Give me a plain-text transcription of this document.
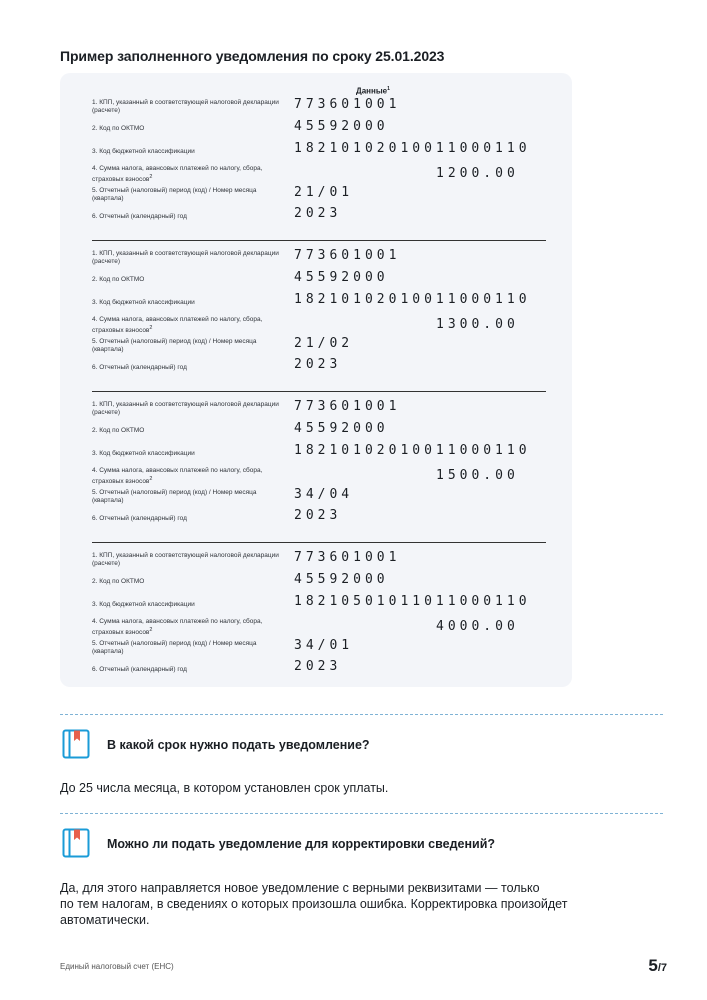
Пример заполненного уведомления по сроку 25.01.2023
Данные$^1$
1. КПП, указанный в соответствующей налоговой декларации (расчете)	773601001
2. Код по ОКТМО	45592000
3. Код бюджетной классификации	18210102010011000110
4. Сумма налога, авансовых платежей по налогу, сбора, страховых взносов$^2$	1200.00
5. Отчетный (налоговый) период (код) / Номер месяца (квартала)	21/01
6. Отчетный (календарный) год	2023
1. КПП, указанный в соответствующей налоговой декларации (расчете)	773601001
2. Код по ОКТМО	45592000
3. Код бюджетной классификации	18210102010011000110
4. Сумма налога, авансовых платежей по налогу, сбора, страховых взносов$^2$	1300.00
5. Отчетный (налоговый) период (код) / Номер месяца (квартала)	21/02
6. Отчетный (календарный) год	2023
1. КПП, указанный в соответствующей налоговой декларации (расчете)	773601001
2. Код по ОКТМО	45592000
3. Код бюджетной классификации	18210102010011000110
4. Сумма налога, авансовых платежей по налогу, сбора, страховых взносов$^2$	1500.00
5. Отчетный (налоговый) период (код) / Номер месяца (квартала)	34/04
6. Отчетный (календарный) год	2023
1. КПП, указанный в соответствующей налоговой декларации (расчете)	773601001
2. Код по ОКТМО	45592000
3. Код бюджетной классификации	18210501011011000110
4. Сумма налога, авансовых платежей по налогу, сбора, страховых взносов$^2$	4000.00
5. Отчетный (налоговый) период (код) / Номер месяца (квартала)	34/01
6. Отчетный (календарный) год	2023
В какой срок нужно подать уведомление?
До 25 числа месяца, в котором установлен срок уплаты.
Можно ли подать уведомление для корректировки сведений?
Да, для этого направляется новое уведомление с верными реквизитами — только
по тем налогам, в сведениях о которых произошла ошибка. Корректировка произойдет
автоматически.
Единый налоговый счет (ЕНС)	5/7
